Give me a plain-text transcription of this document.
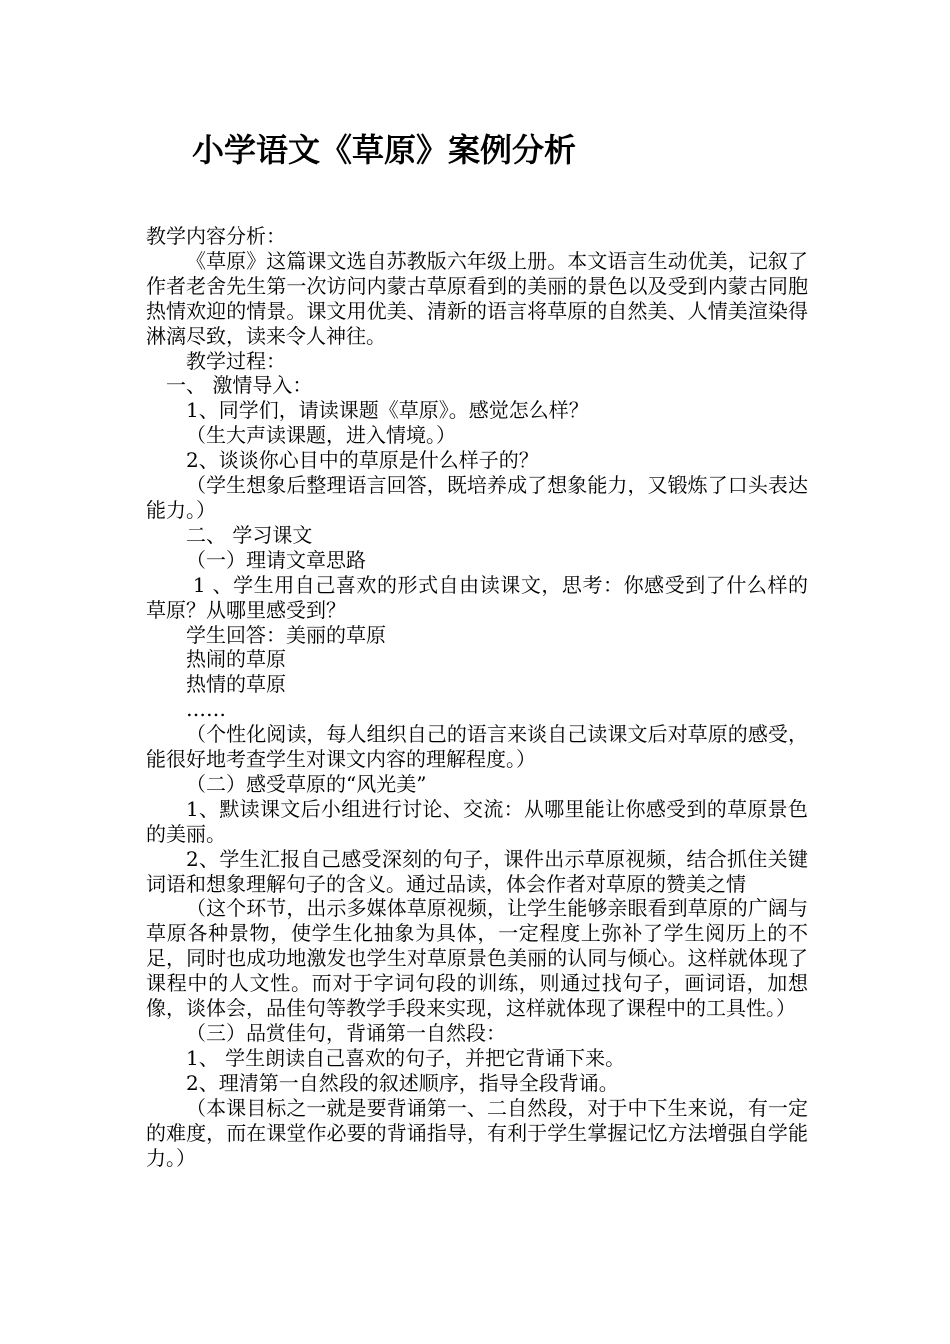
小学语文《草原》案例分析

教学内容分析：

《草原》这篇课文选自苏教版六年级上册。本文语言生动优美，记叙了作者老舍先生第一次访问内蒙古草原看到的美丽的景色以及受到内蒙古同胞热情欢迎的情景。课文用优美、清新的语言将草原的自然美、人情美渲染得淋漓尽致，读来令人神往。

教学过程：

一、 激情导入：

1、同学们，请读课题《草原》。感觉怎么样？

（生大声读课题，进入情境。）

2、谈谈你心目中的草原是什么样子的？

（学生想象后整理语言回答，既培养成了想象能力，又锻炼了口头表达能力。）

二、 学习课文

（一）理请文章思路

1 、学生用自己喜欢的形式自由读课文，思考：你感受到了什么样的草原？从哪里感受到？

学生回答：美丽的草原

热闹的草原

热情的草原

……

（个性化阅读，每人组织自己的语言来谈自己读课文后对草原的感受，能很好地考查学生对课文内容的理解程度。）

（二）感受草原的“风光美”

1、默读课文后小组进行讨论、交流：从哪里能让你感受到的草原景色的美丽。

2、学生汇报自己感受深刻的句子，课件出示草原视频，结合抓住关键词语和想象理解句子的含义。通过品读，体会作者对草原的赞美之情

（这个环节，出示多媒体草原视频，让学生能够亲眼看到草原的广阔与草原各种景物，使学生化抽象为具体，一定程度上弥补了学生阅历上的不足，同时也成功地激发也学生对草原景色美丽的认同与倾心。这样就体现了课程中的人文性。而对于字词句段的训练，则通过找句子，画词语，加想像，谈体会，品佳句等教学手段来实现，这样就体现了课程中的工具性。）

（三）品赏佳句，背诵第一自然段：

1、 学生朗读自己喜欢的句子，并把它背诵下来。

2、理清第一自然段的叙述顺序，指导全段背诵。

（本课目标之一就是要背诵第一、二自然段，对于中下生来说，有一定的难度，而在课堂作必要的背诵指导，有利于学生掌握记忆方法增强自学能力。）
